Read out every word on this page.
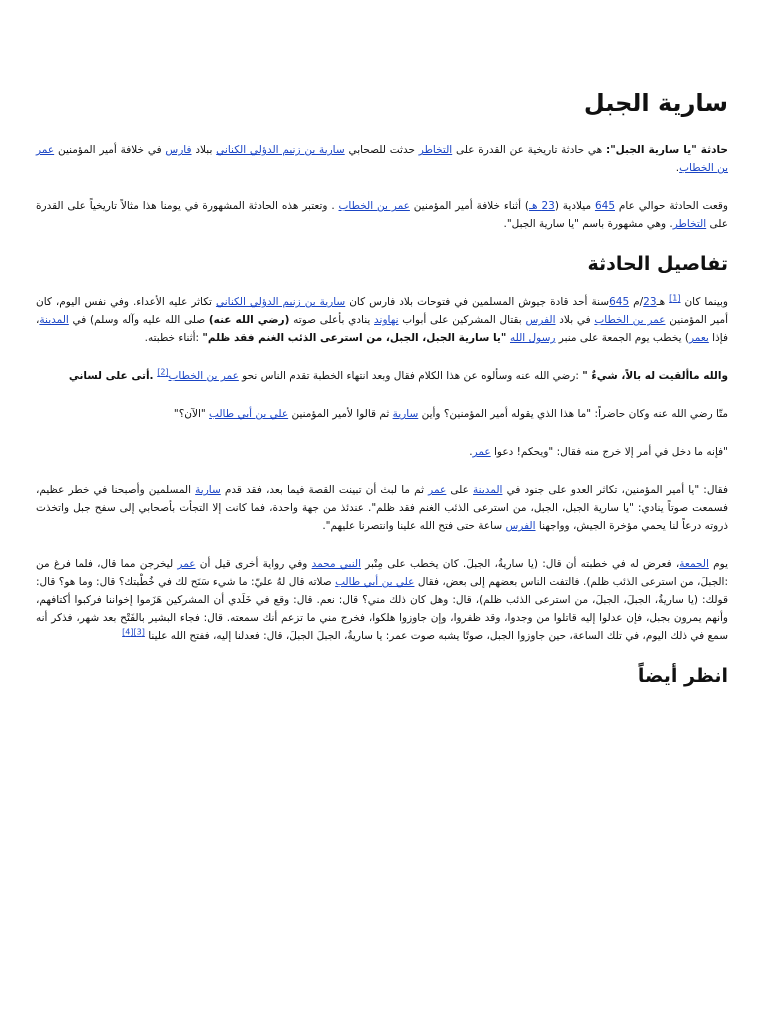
سارية الجبل

حادثة "يا سارية الجبل": هي حادثة تاريخية عن القدرة على التخاطر حدثت للصحابي سارية بن زنيم الدؤلي الكناني ببلاد فارس في خلافة أمير المؤمنين عمر بن الخطاب.

وقعت الحادثة حوالي عام 645 ميلادية (23 هـ) أثناء خلافة أمير المؤمنين عمر بن الخطاب . وتعتبر هذه الحادثة المشهورة في يومنا هذا مثالاً تاريخياً على القدرة على التخاطر. وهي مشهورة باسم "يا سارية الجبل".

تفاصيل الحادثة

وبينما كان [1] هـ23/م 645سنة أحد قادة جيوش المسلمين في فتوحات بلاد فارس كان سارية بن زنيم الدؤلي الكناني تكاثر عليه الأعداء. وفي نفس اليوم، كان أمير المؤمنين عمر بن الخطاب في بلاد الفرس بقتال المشركين على أبواب نهاوند ينادي بأعلى صوته (رضي الله عنه) صلى الله عليه وآله وسلم) في المدينة، فإذا بعمر) يخطب يوم الجمعة على منبر رسول الله "يا سارية الجبل، الجبل، من استرعى الذئب الغنم فقد ظلم" :أثناء خطبته.

والله ماألقيت له بالاً، شيءٌ " :رضي الله عنه وسألوه عن هذا الكلام فقال وبعد انتهاء الخطبة تقدم الناس نحو عمر بن الخطاب[2] .أتى على لساني

متّا رضي الله عنه وكان حاضراً: "ما هذا الذي يقوله أمير المؤمنين؟ وأين سارية ثم قالوا لأمير المؤمنين علي بن أبي طالب "الآن؟"

"فإنه ما دخل في أمر إلا خرج منه فقال: "ويحكم! دعوا عمر.

فقال: "يا أمير المؤمنين، تكاثر العدو على جنود في المدينة على عمر ثم ما لبث أن تبينت القصة فيما بعد، فقد قدم سارية المسلمين وأصبحنا في خطر عظيم، فسمعت صوتاً ينادي: "يا سارية الجبل، الجبل، من استرعى الذئب الغنم فقد ظلم". عندئذ من جهة واحدة، فما كانت إلا التجأت بأصحابي إلى سفح جبل واتخذت ذروته درعاً لنا يحمي مؤخرة الجيش، وواجهنا الفرس ساعة حتى فتح الله علينا وانتصرنا عليهم".

يوم الجمعة، فعرض له في خطبته أن قال: (يا ساريةُ، الجبلَ. كان يخطب على مِنْبر النبي محمد وفي رواية أخرى قيل أن عمر ليخرجن مما قال، فلما فرغ من :الجبلَ، من استرعى الذئب ظلم). فالتفت الناس بعضهم إلى بعض، فقال علي بن أبي طالب صلاته قال لهُ عليّ: ما شيء سَنَح لك في خُطْبتك؟ قال: وما هو؟ قال: قولك: (يا ساريةُ، الجبلَ، الجبلَ، من استرعى الذئب ظلم)، قال: وهل كان ذلك مني؟ قال: نعم. قال: وقع في خَلَدي أن المشركين هَزَموا إخواننا فركبوا أكتافهم، وأنهم يمرون بجبل، فإن عدلوا إليه قاتلوا من وجدوا، وقد ظفروا، وإن جاوزوا هلكوا، فخرج مني ما تزعم أنك سمعته. قال: فجاء البشير بالفَتْح بعد شهر، فذكر أنه سمع في ذلك اليوم، في تلك الساعة، حين جاوزوا الجبل، صوتًا يشبه صوت عمر: يا ساريةُ، الجبلَ الجبلَ، قال: فعدلنا إليه، ففتح الله علينا [3][4]

انظر أيضاً
